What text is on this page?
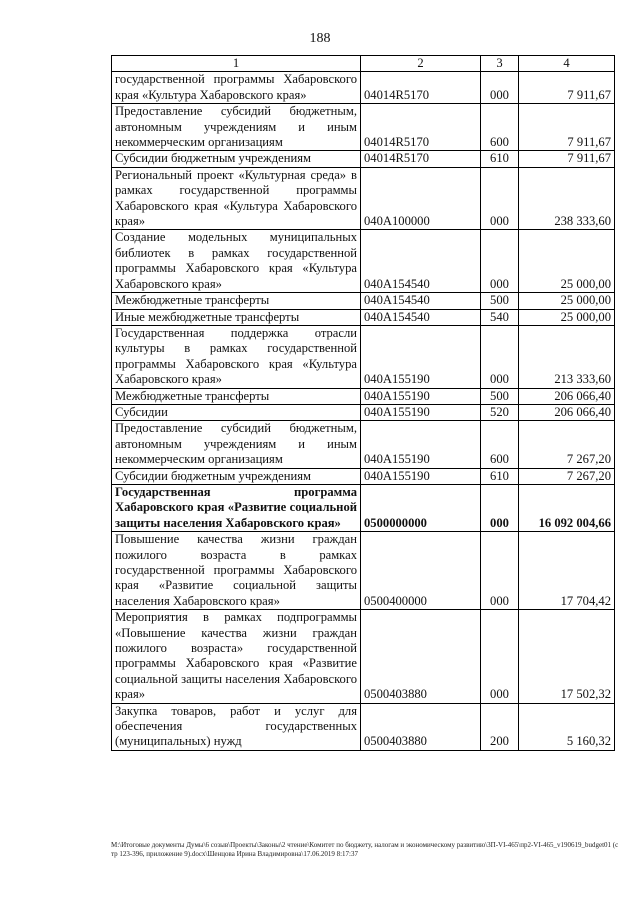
188
1	2	3	4
государственной программы Хабаровского края «Культура Хабаровского края»	04014R5170	000	7 911,67
Предоставление субсидий бюджетным, автономным учреждениям и иным некоммерческим организациям	04014R5170	600	7 911,67
Субсидии бюджетным учреждениям	04014R5170	610	7 911,67
Региональный проект «Культурная среда» в рамках государственной программы Хабаровского края «Культура Хабаровского края»	040A100000	000	238 333,60
Создание модельных муниципальных библиотек в рамках государственной программы Хабаровского края «Культура Хабаровского края»	040A154540	000	25 000,00
Межбюджетные трансферты	040A154540	500	25 000,00
Иные межбюджетные трансферты	040A154540	540	25 000,00
Государственная поддержка отрасли культуры в рамках государственной программы Хабаровского края «Культура Хабаровского края»	040A155190	000	213 333,60
Межбюджетные трансферты	040A155190	500	206 066,40
Субсидии	040A155190	520	206 066,40
Предоставление субсидий бюджетным, автономным учреждениям и иным некоммерческим организациям	040A155190	600	7 267,20
Субсидии бюджетным учреждениям	040A155190	610	7 267,20
Государственная программа Хабаровского края «Развитие социальной защиты населения Хабаровского края»	0500000000	000	16 092 004,66
Повышение качества жизни граждан пожилого возраста в рамках государственной программы Хабаровского края «Развитие социальной защиты населения Хабаровского края»	0500400000	000	17 704,42
Мероприятия в рамках подпрограммы «Повышение качества жизни граждан пожилого возраста» государственной программы Хабаровского края «Развитие социальной защиты населения Хабаровского края»	0500403880	000	17 502,32
Закупка товаров, работ и услуг для обеспечения государственных (муниципальных) нужд	0500403880	200	5 160,32
M:\Итоговые документы Думы\6 созыв\Проекты\Законы\2 чтение\Комитет по бюджету, налогам и экономическому развитию\3П-VI-465\пр2-VI-465_v190619_budget01 (стр 123-396, приложение 9).docx\Шенцова Ирина Владимировна\17.06.2019 8:17:37
